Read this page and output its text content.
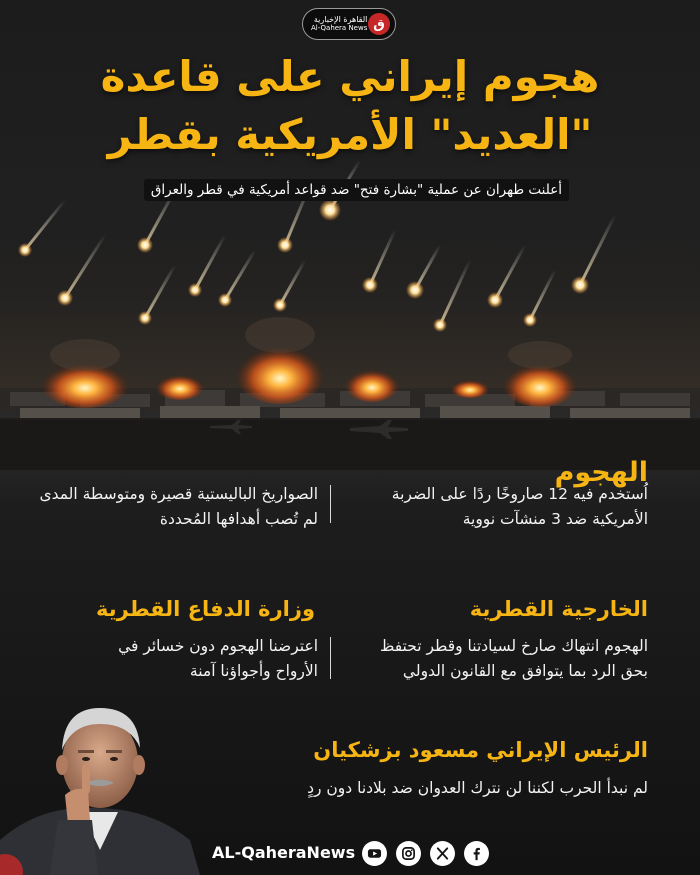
القاهرة الإخبارية
Al-Qahera News ق
هجوم إيراني على قاعدة
"العديد" الأمريكية بقطر
أعلنت طهران عن عملية "بشارة فتح" ضد قواعد أمريكية في قطر والعراق
الهجوم
اُستخدم فيه 12 صاروخًا ردًا على الضربة الأمريكية ضد 3 منشآت نووية
الصواريخ الباليستية قصيرة ومتوسطة المدى لم تُصب أهدافها المُحددة
الخارجية القطرية
الهجوم انتهاك صارخ لسيادتنا وقطر تحتفظ بحق الرد بما يتوافق مع القانون الدولي
وزارة الدفاع القطرية
اعترضنا الهجوم دون خسائر في الأرواح وأجواؤنا آمنة
الرئيس الإيراني مسعود بزشكيان
لم نبدأ الحرب لكننا لن نترك العدوان ضد بلادنا دون ردٍ
AL-QaheraNews
